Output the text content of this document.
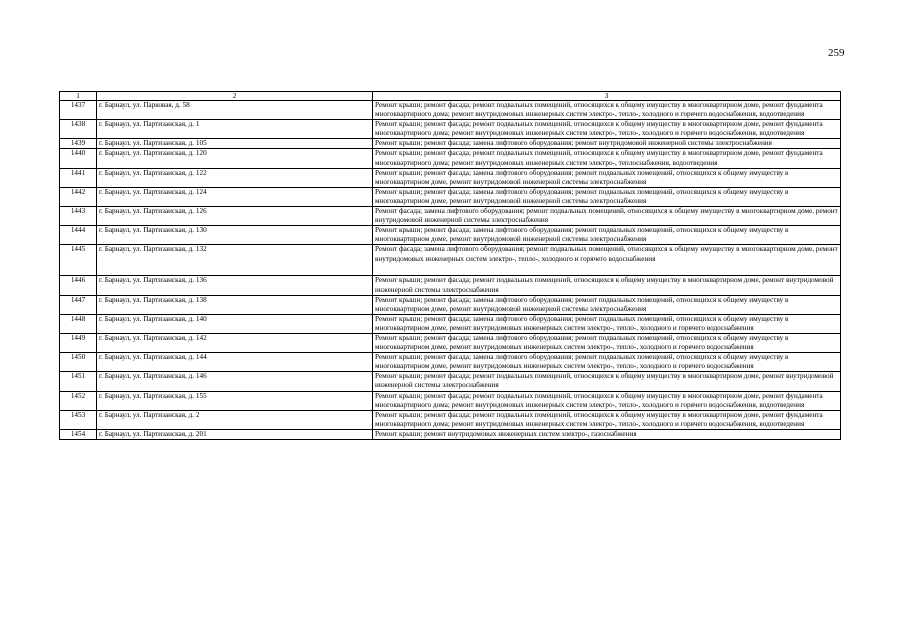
259
1	2	3
1437	г. Барнаул, ул. Парковая, д. 58	Ремонт крыши; ремонт фасада; ремонт подвальных помещений, относящихся к общему имуществу в многоквартирном доме, ремонт фундамента многоквартирного дома; ремонт внутридомовых инженерных систем электро-, тепло-, холодного и горячего водоснабжения, водоотведения
1438	г. Барнаул, ул. Партизанская, д. 1	Ремонт крыши; ремонт фасада; ремонт подвальных помещений, относящихся к общему имуществу в многоквартирном доме, ремонт фундамента многоквартирного дома; ремонт внутридомовых инженерных систем электро-, тепло-, холодного и горячего водоснабжения, водоотведения
1439	г. Барнаул, ул. Партизанская, д. 105	Ремонт крыши; ремонт фасада; замена лифтового оборудования; ремонт внутридомовой инженерной системы электроснабжения
1440	г. Барнаул, ул. Партизанская, д. 120	Ремонт крыши; ремонт фасада; ремонт подвальных помещений, относящихся к общему имуществу в многоквартирном доме, ремонт фундамента многоквартирного дома; ремонт внутридомовых инженерных систем электро-, теплоснабжения, водоотведения
1441	г. Барнаул, ул. Партизанская, д. 122	Ремонт крыши; ремонт фасада; замена лифтового оборудования; ремонт подвальных помещений, относящихся к общему имуществу в многоквартирном доме, ремонт внутридомовой инженерной системы электроснабжения
1442	г. Барнаул, ул. Партизанская, д. 124	Ремонт крыши; ремонт фасада; замена лифтового оборудования; ремонт подвальных помещений, относящихся к общему имуществу в многоквартирном доме, ремонт внутридомовой инженерной системы электроснабжения
1443	г. Барнаул, ул. Партизанская, д. 126	Ремонт фасада; замена лифтового оборудования; ремонт подвальных помещений, относящихся к общему имуществу в многоквартирном доме, ремонт внутридомовой инженерной системы электроснабжения
1444	г. Барнаул, ул. Партизанская, д. 130	Ремонт крыши; ремонт фасада; замена лифтового оборудования; ремонт подвальных помещений, относящихся к общему имуществу в многоквартирном доме, ремонт внутридомовой инженерной системы электроснабжения
1445	г. Барнаул, ул. Партизанская, д. 132	Ремонт фасада; замена лифтового оборудования; ремонт подвальных помещений, относящихся к общему имуществу в многоквартирном доме, ремонт внутридомовых инженерных систем электро-, тепло-, холодного и горячего водоснабжения
1446	г. Барнаул, ул. Партизанская, д. 136	Ремонт крыши; ремонт фасада; ремонт подвальных помещений, относящихся к общему имуществу в многоквартирном доме, ремонт внутридомовой инженерной системы электроснабжения
1447	г. Барнаул, ул. Партизанская, д. 138	Ремонт крыши; ремонт фасада; замена лифтового оборудования; ремонт подвальных помещений, относящихся к общему имуществу в многоквартирном доме, ремонт внутридомовой инженерной системы электроснабжения
1448	г. Барнаул, ул. Партизанская, д. 140	Ремонт крыши; ремонт фасада; замена лифтового оборудования; ремонт подвальных помещений, относящихся к общему имуществу в многоквартирном доме, ремонт внутридомовых инженерных систем электро-, тепло-, холодного и горячего водоснабжения
1449	г. Барнаул, ул. Партизанская, д. 142	Ремонт крыши; ремонт фасада; замена лифтового оборудования; ремонт подвальных помещений, относящихся к общему имуществу в многоквартирном доме, ремонт внутридомовых инженерных систем электро-, тепло-, холодного и горячего водоснабжения
1450	г. Барнаул, ул. Партизанская, д. 144	Ремонт крыши; ремонт фасада; замена лифтового оборудования; ремонт подвальных помещений, относящихся к общему имуществу в многоквартирном доме, ремонт внутридомовых инженерных систем электро-, тепло-, холодного и горячего водоснабжения
1451	г. Барнаул, ул. Партизанская, д. 146	Ремонт крыши; ремонт фасада; ремонт подвальных помещений, относящихся к общему имуществу в многоквартирном доме, ремонт внутридомовой инженерной системы электроснабжения
1452	г. Барнаул, ул. Партизанская, д. 155	Ремонт крыши; ремонт фасада; ремонт подвальных помещений, относящихся к общему имуществу в многоквартирном доме, ремонт фундамента многоквартирного дома; ремонт внутридомовых инженерных систем электро-, тепло-, холодного и горячего водоснабжения, водоотведения
1453	г. Барнаул, ул. Партизанская, д. 2	Ремонт крыши; ремонт фасада; ремонт подвальных помещений, относящихся к общему имуществу в многоквартирном доме, ремонт фундамента многоквартирного дома; ремонт внутридомовых инженерных систем электро-, тепло-, холодного и горячего водоснабжения, водоотведения
1454	г. Барнаул, ул. Партизанская, д. 201	Ремонт крыши; ремонт внутридомовых инженерных систем электро-, газоснабжения
